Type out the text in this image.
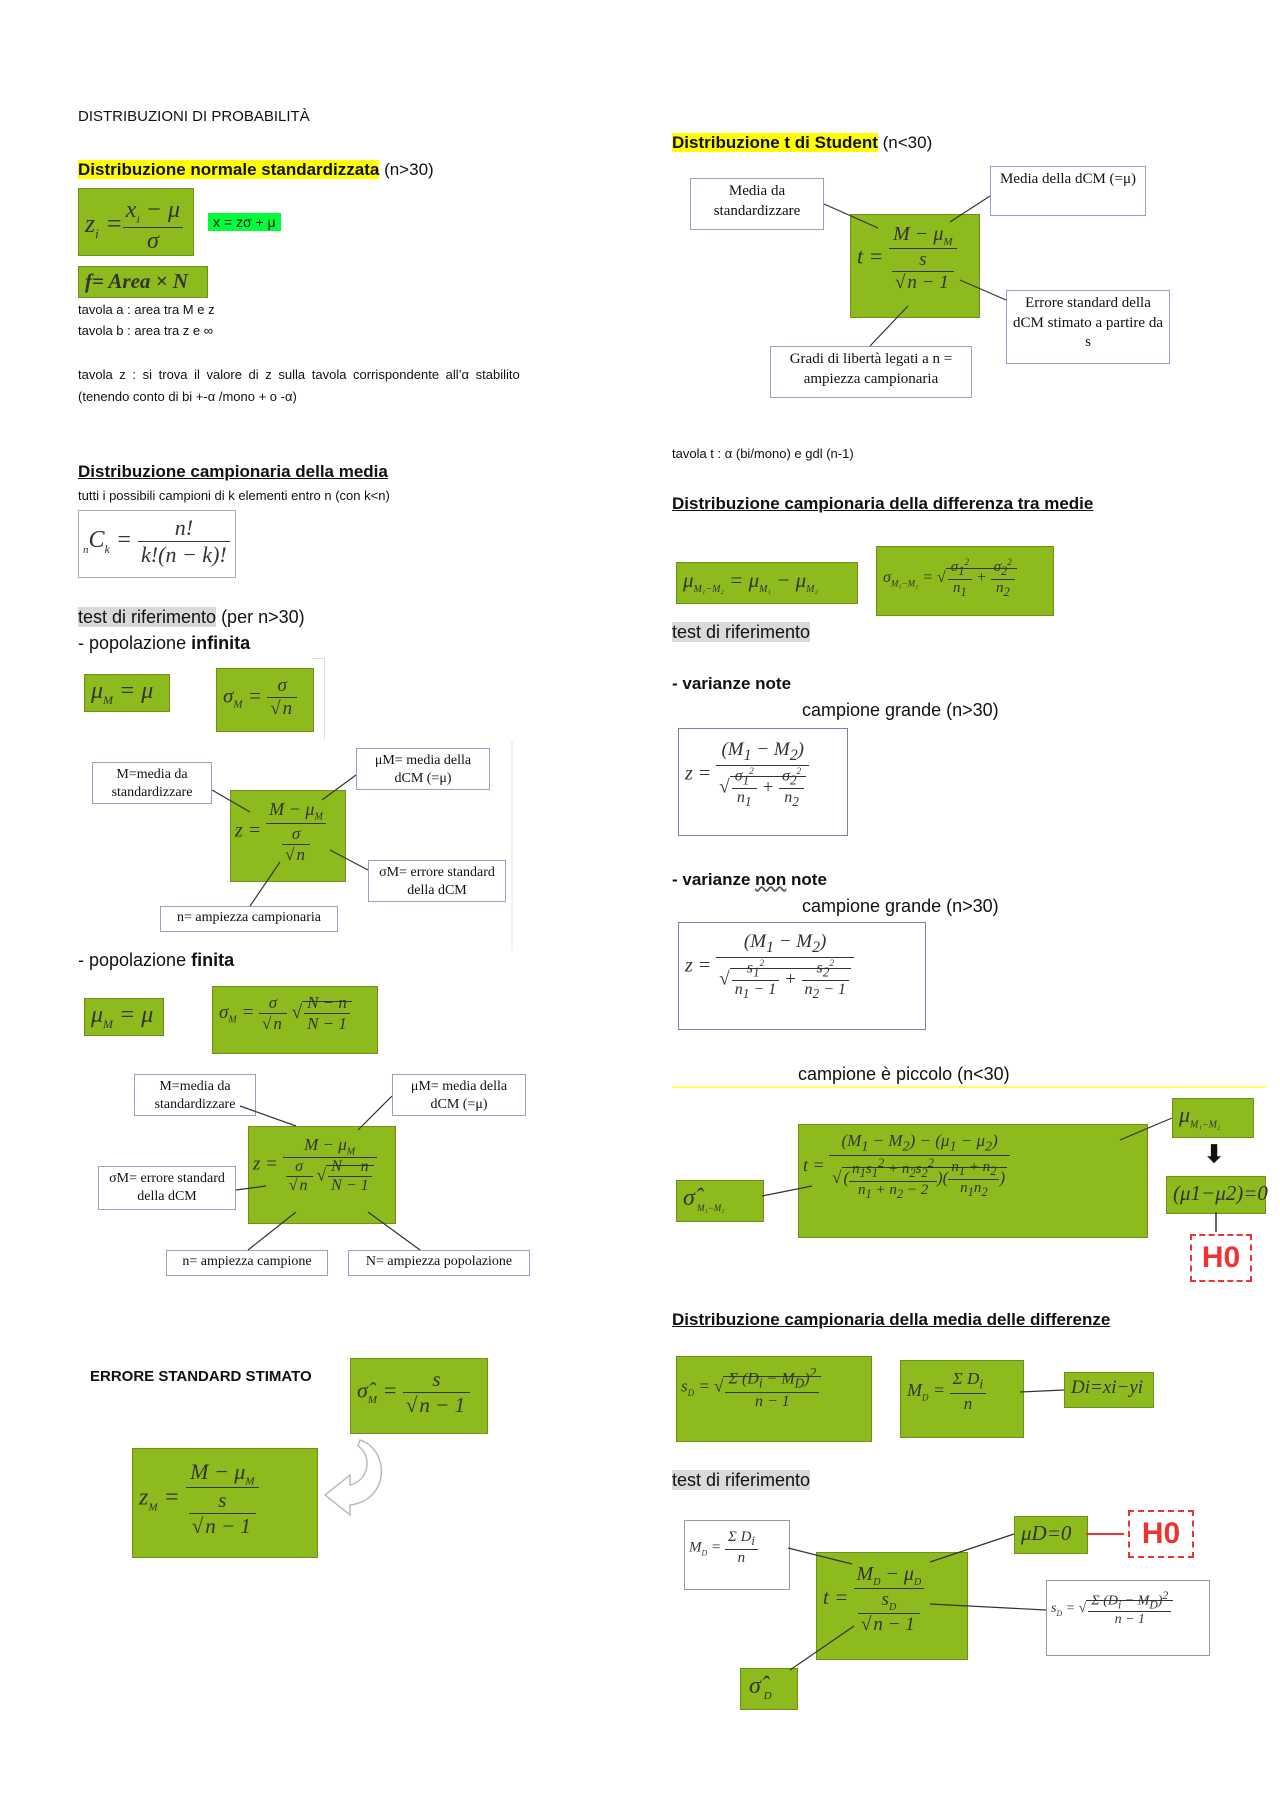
DISTRIBUZIONI DI PROBABILITÀ
Distribuzione normale standardizzata (n>30)
$z_i = \frac{x_i - \mu}{\sigma}$	x = zσ + μ
f= Area × N
tavola a : area tra M e z
tavola b : area tra z e ∞
tavola z : si trova il valore di z sulla tavola corrispondente all’α stabilito
(tenendo conto di bi +-α /mono + o -α)
Distribuzione campionaria della media
tutti i possibili campioni di k elementi entro n (con k<n)
$_nC_k = \frac{n!}{k!(n - k)!}$
test di riferimento (per n>30)
- popolazione infinita
$\mu_M = \mu$	$\sigma_M = \frac{\sigma}{√ n}$
M=media da standardizzare
μM= media della dCM (=μ)
$z = \frac{M - \mu_M}{\frac{\sigma}{√ n}}$
σM= errore standard della dCM
n= ampiezza campionaria
- popolazione finita
$\mu_M = \mu$	$\sigma_M = \frac{\sigma}{√ n}$ √ $\frac{N - n}{N - 1}$
M=media da standardizzare
μM= media della dCM (=μ)
$z = \frac{M - \mu_M}{\frac{\sigma}{√ n} √ \frac{N - n}{N - 1}}$
σM= errore standard della dCM
n= ampiezza campione	N= ampiezza popolazione
ERRORE STANDARD STIMATO
$\sigmâ_M = \frac{s}{√n - 1}$
$z_M = \frac{M - \mu_M}{\frac{s}{√n - 1}}$
Distribuzione t di Student (n<30)
Media da standardizzare
Media della dCM (=μ)
$t = \frac{M - \mu_M}{\frac{s}{√ n - 1}}$
Errore standard della dCM stimato a partire da s
Gradi di libertà legati a n = ampiezza campionaria
tavola t : α (bi/mono) e gdl (n-1)
Distribuzione campionaria della differenza tra medie
$\mu_{M_1-M_2} = \mu_{M_1} - \mu_{M_2}$
$\sigma_{M_1-M_2}$ = √ $\frac{\sigma_1^2}{n_1} + \frac{\sigma_2^2}{n_2}$
test di riferimento
- varianze note
campione grande (n>30)
$z = \frac{(M_1 - M_2)}{√ \frac{\sigma_1^2}{n_1} + \frac{\sigma_2^2}{n_2}}$
- varianze non note
campione grande (n>30)
$z = \frac{(M_1 - M_2)}{√ \frac{s_1^2}{n_1 - 1} + \frac{s_2^2}{n_2 - 1}}$
campione è piccolo (n<30)
σ̂ $_{M_1-M_2}$
$t = \frac{(M_1 - M_2) - (\mu_1 - \mu_2)}{√ ( \frac{n_1s_1^2 + n_2s_2^2}{n_1 + n_2 - 2} )( \frac{n_1 + n_2}{n_1n_2} )}$
$\mu_{M_1-M_2}$
⬇
(μ1−μ2)=0
H0
Distribuzione campionaria della media delle differenze
$s_D$ = √ $\frac{\Sigma (D_i - M_D)^2}{n - 1}$	$M_D = \frac{\Sigma D_i}{n}$	Di=xi−yi
test di riferimento
$M_D = \frac{\Sigma D_i}{n}$
$t = \frac{M_D - \mu_D}{\frac{s_D}{√ n - 1}}$
μD=0	H0
$s_D$ = √ $\frac{\Sigma (D_i - M_D)^2}{n - 1}$
σ̂ $_D$
